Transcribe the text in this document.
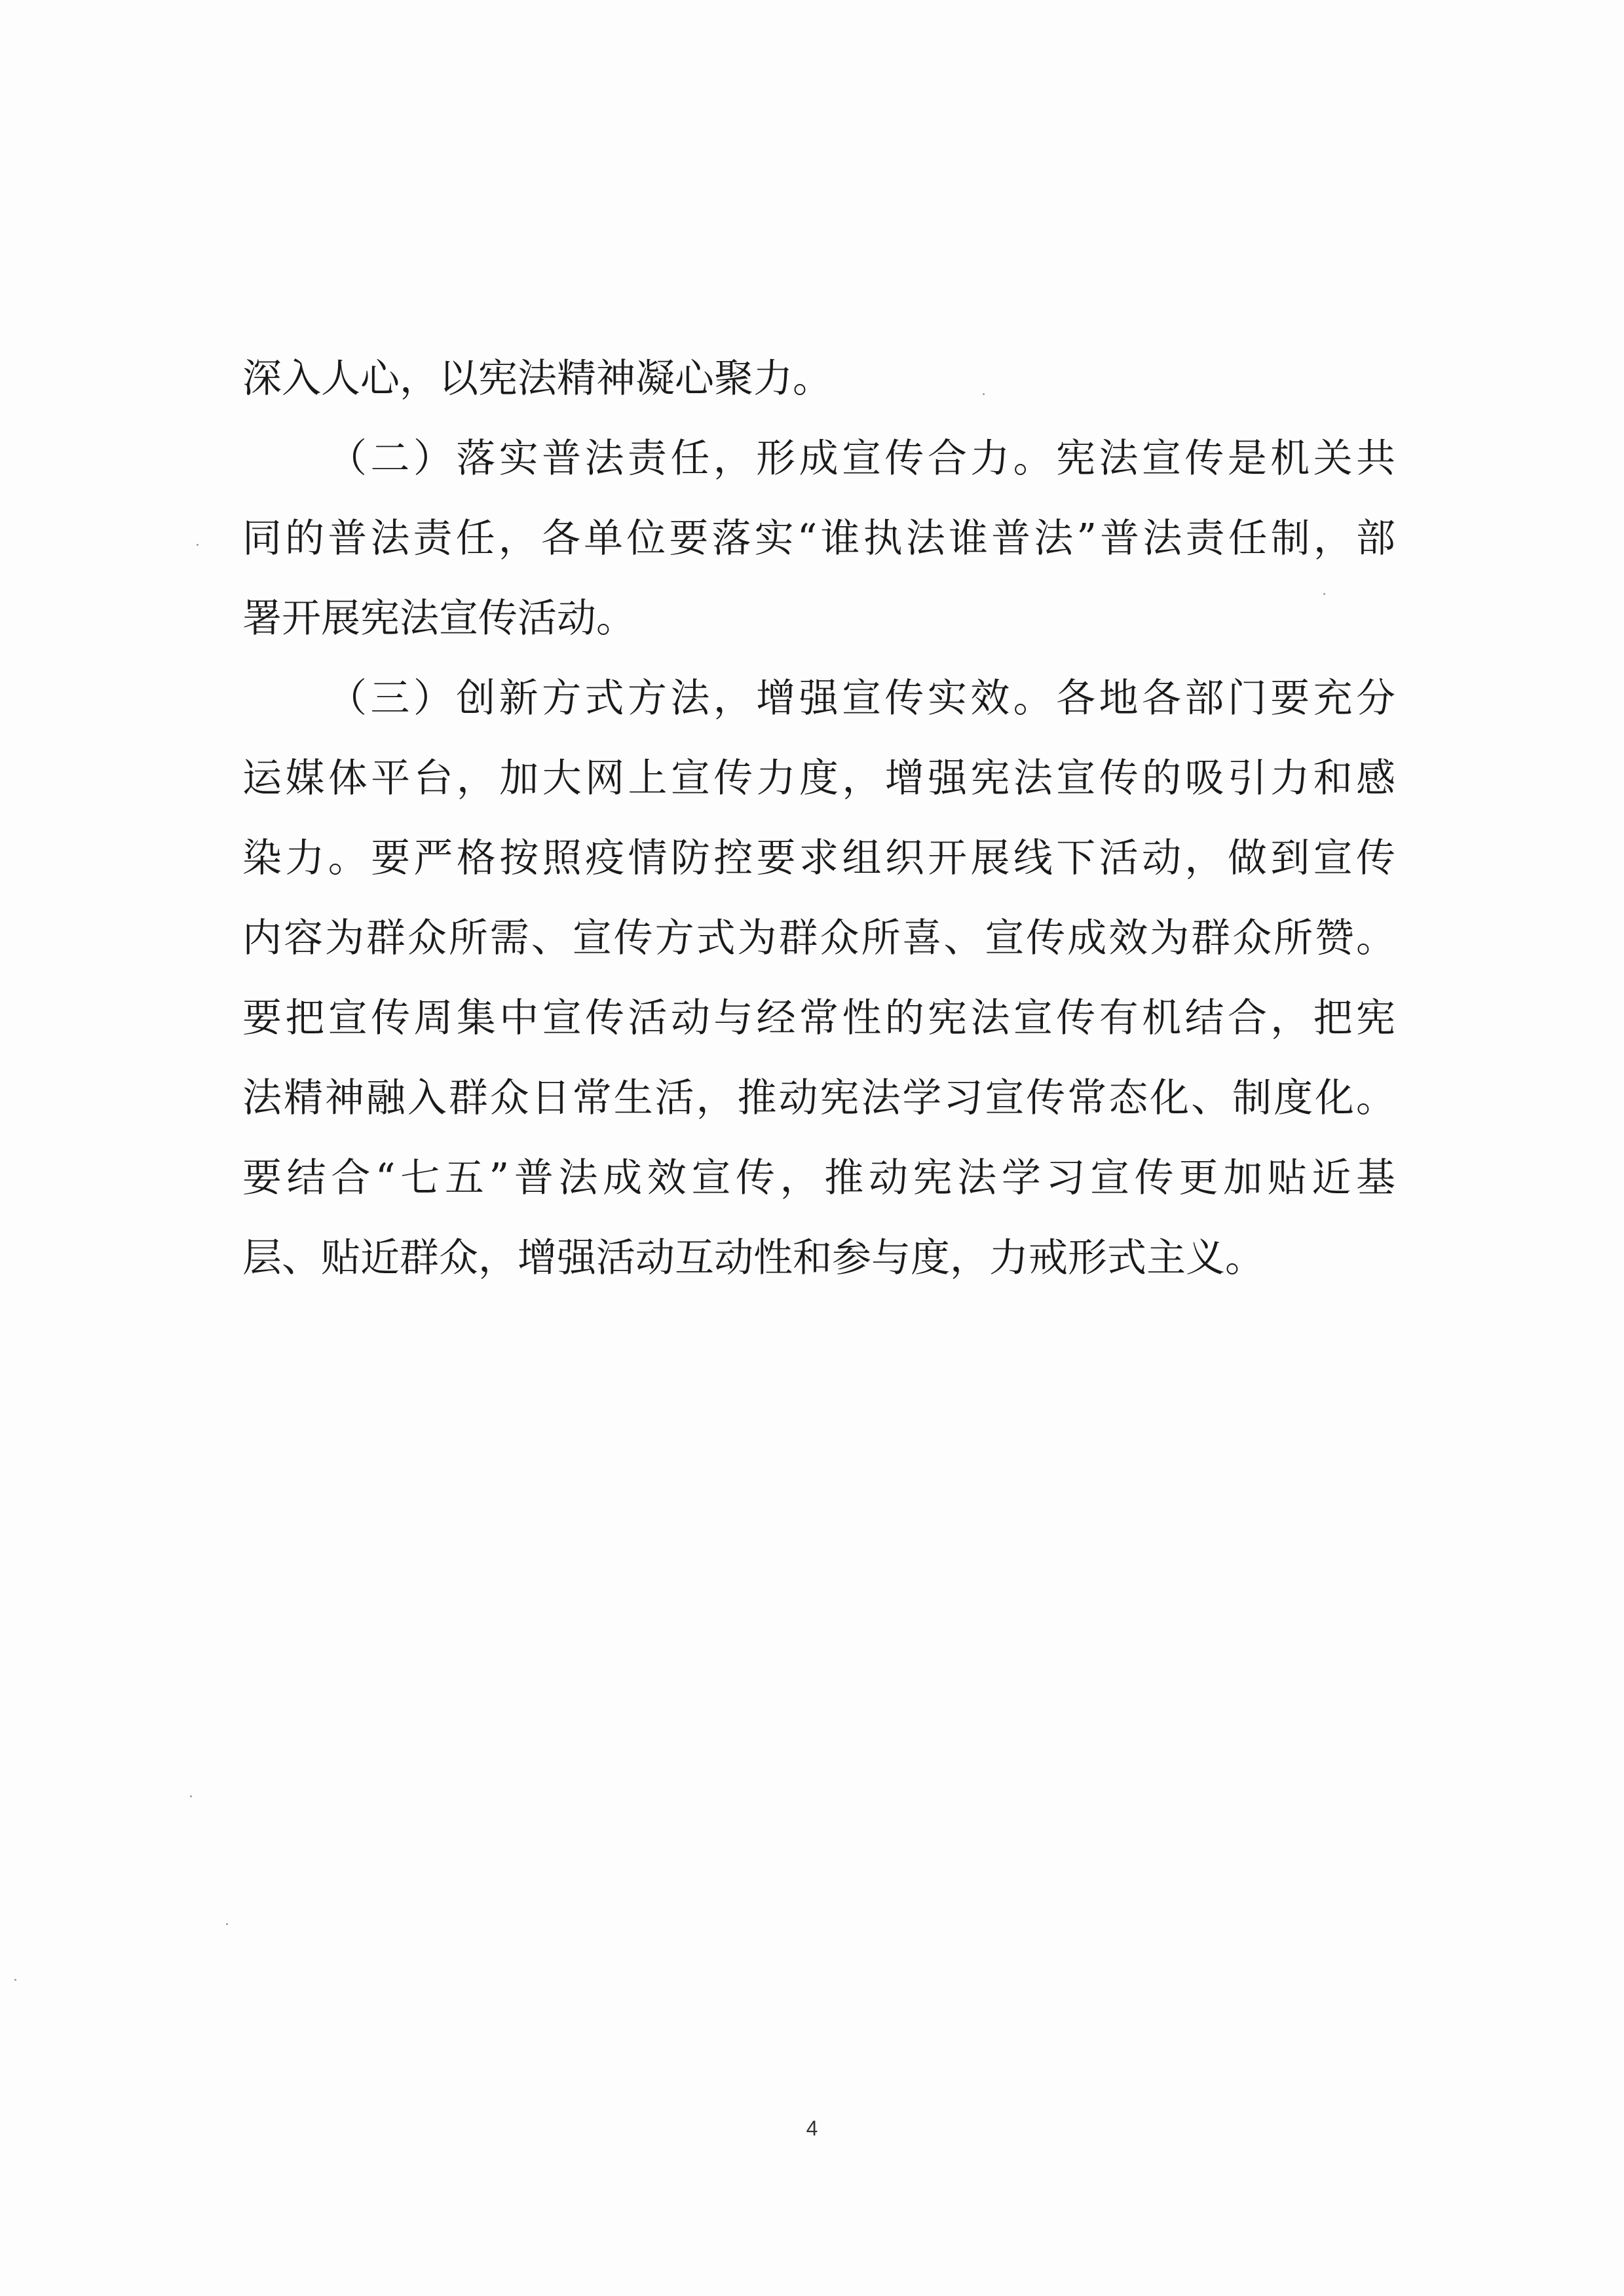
深入人心，以宪法精神凝心聚力。
（二）落实普法责任，形成宣传合力。宪法宣传是机关共
同的普法责任，各单位要落实“谁执法谁普法”普法责任制，部
署开展宪法宣传活动。
（三）创新方式方法，增强宣传实效。各地各部门要充分
运媒体平台，加大网上宣传力度，增强宪法宣传的吸引力和感
染力。要严格按照疫情防控要求组织开展线下活动，做到宣传
内容为群众所需、宣传方式为群众所喜、宣传成效为群众所赞。
要把宣传周集中宣传活动与经常性的宪法宣传有机结合，把宪
法精神融入群众日常生活，推动宪法学习宣传常态化、制度化。
要结合“七五”普法成效宣传，推动宪法学习宣传更加贴近基
层、贴近群众，增强活动互动性和参与度，力戒形式主义。
4
